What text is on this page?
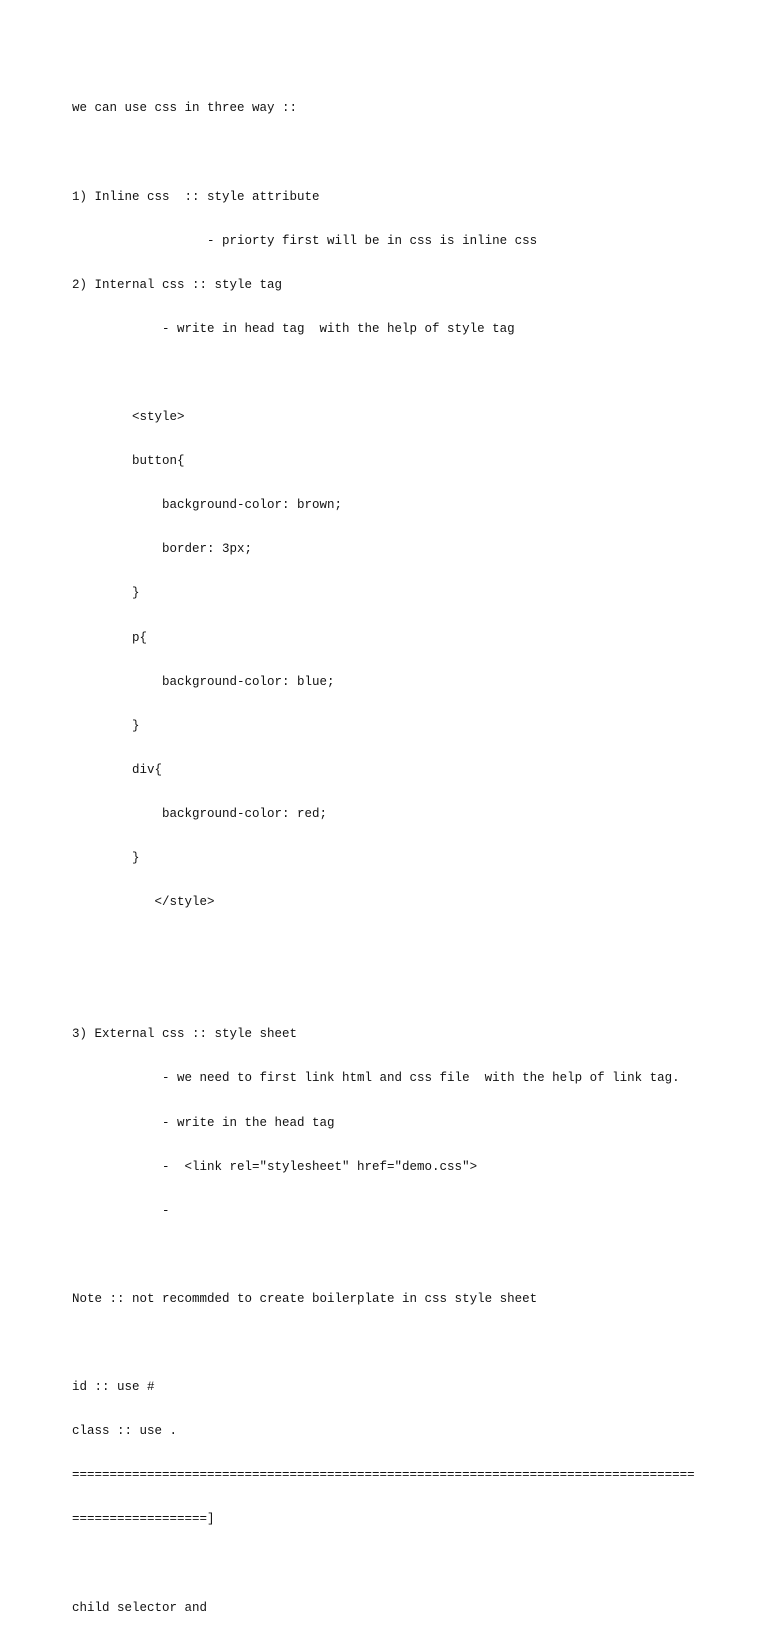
we can use css in three way ::

1) Inline css  :: style attribute

- priorty first will be in css is inline css

2) Internal css :: style tag

- write in head tag  with the help of style tag

<style>

button{

background-color: brown;

border: 3px;

}

p{

background-color: blue;

}

div{

background-color: red;

}

</style>

3) External css :: style sheet

- we need to first link html and css file  with the help of link tag.

- write in the head tag

-  <link rel="stylesheet" href="demo.css">

-

Note :: not recommded to create boilerplate in css style sheet

id :: use #

class :: use .

===================================================================================

==================]

child selector and
